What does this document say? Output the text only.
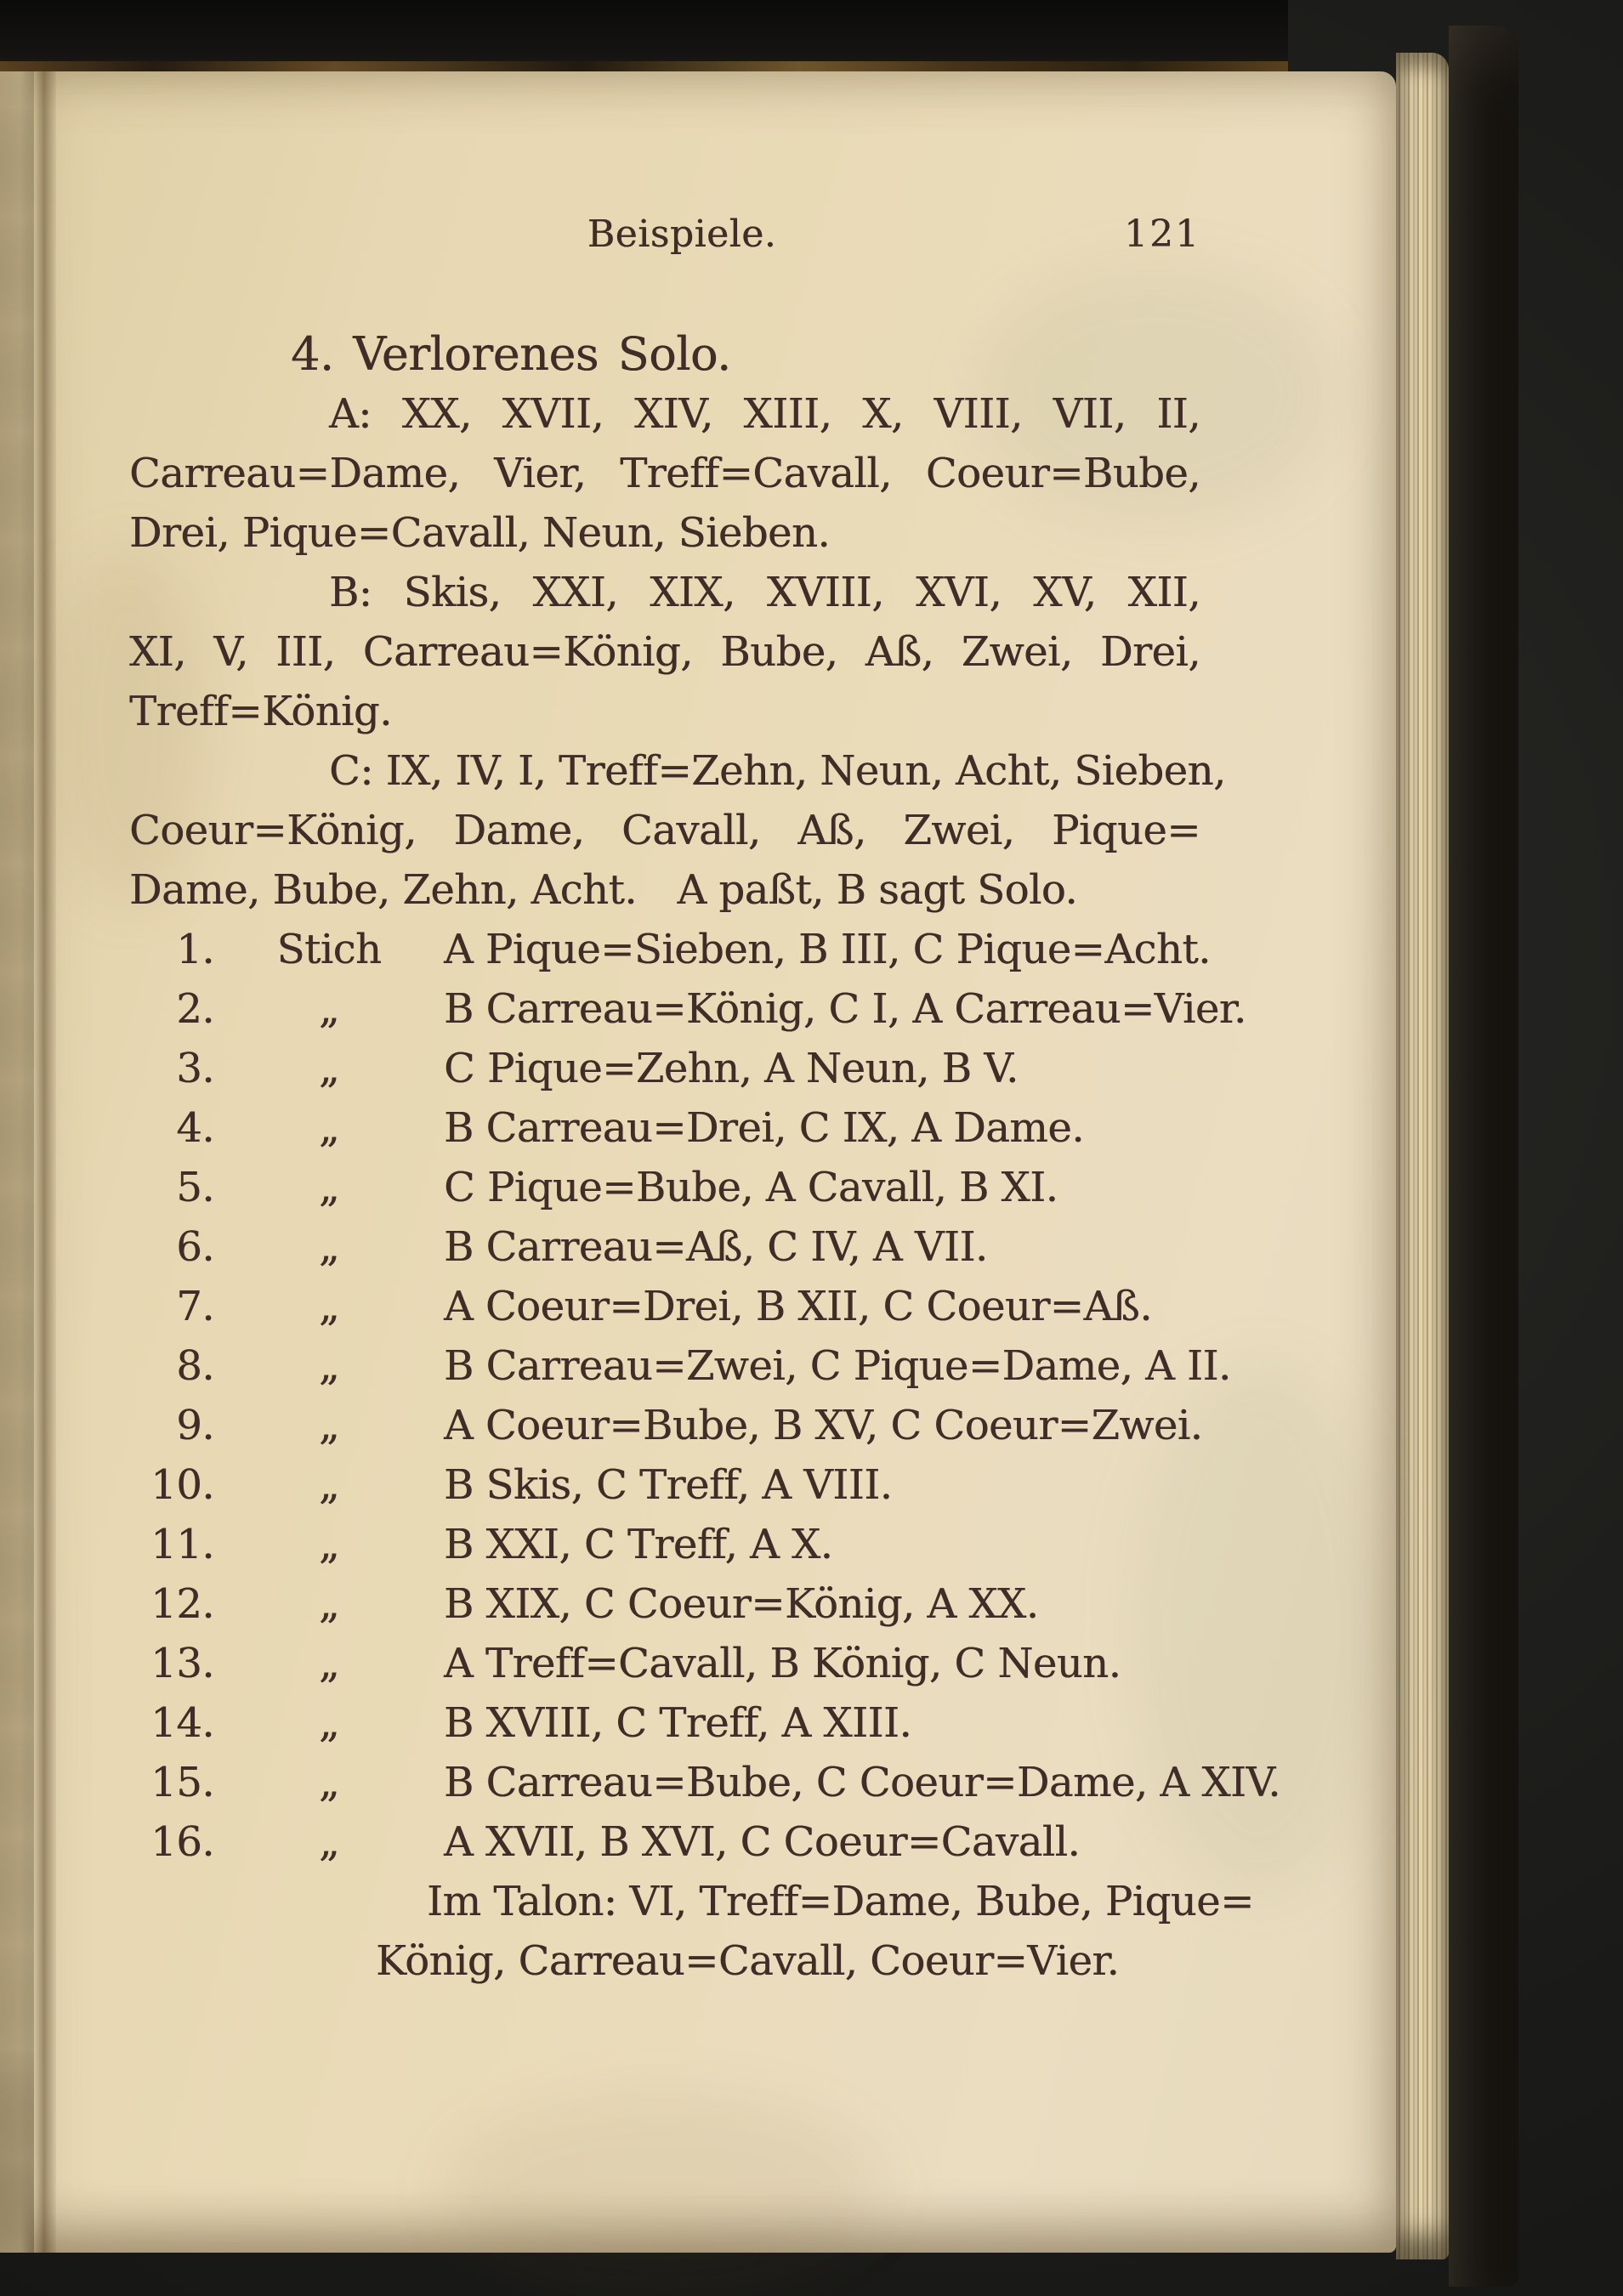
Beispiele.	121
4. Verlorenes Solo.
A: XX, XVII, XIV, XIII, X, VIII, VII, II,
Carreau=Dame, Vier, Treff=Cavall, Coeur=Bube,
Drei, Pique=Cavall, Neun, Sieben.
B: Skis, XXI, XIX, XVIII, XVI, XV, XII,
XI, V, III, Carreau=König, Bube, Aß, Zwei, Drei,
Treff=König.
C: IX, IV, I, Treff=Zehn, Neun, Acht, Sieben,
Coeur=König, Dame, Cavall, Aß, Zwei, Pique=
Dame, Bube, Zehn, Acht. A paßt, B sagt Solo.
1.	Stich	A Pique=Sieben, B III, C Pique=Acht.
2.	„	B Carreau=König, C I, A Carreau=Vier.
3.	„	C Pique=Zehn, A Neun, B V.
4.	„	B Carreau=Drei, C IX, A Dame.
5.	„	C Pique=Bube, A Cavall, B XI.
6.	„	B Carreau=Aß, C IV, A VII.
7.	„	A Coeur=Drei, B XII, C Coeur=Aß.
8.	„	B Carreau=Zwei, C Pique=Dame, A II.
9.	„	A Coeur=Bube, B XV, C Coeur=Zwei.
10.	„	B Skis, C Treff, A VIII.
11.	„	B XXI, C Treff, A X.
12.	„	B XIX, C Coeur=König, A XX.
13.	„	A Treff=Cavall, B König, C Neun.
14.	„	B XVIII, C Treff, A XIII.
15.	„	B Carreau=Bube, C Coeur=Dame, A XIV.
16.	„	A XVII, B XVI, C Coeur=Cavall.
Im Talon: VI, Treff=Dame, Bube, Pique=
König, Carreau=Cavall, Coeur=Vier.
